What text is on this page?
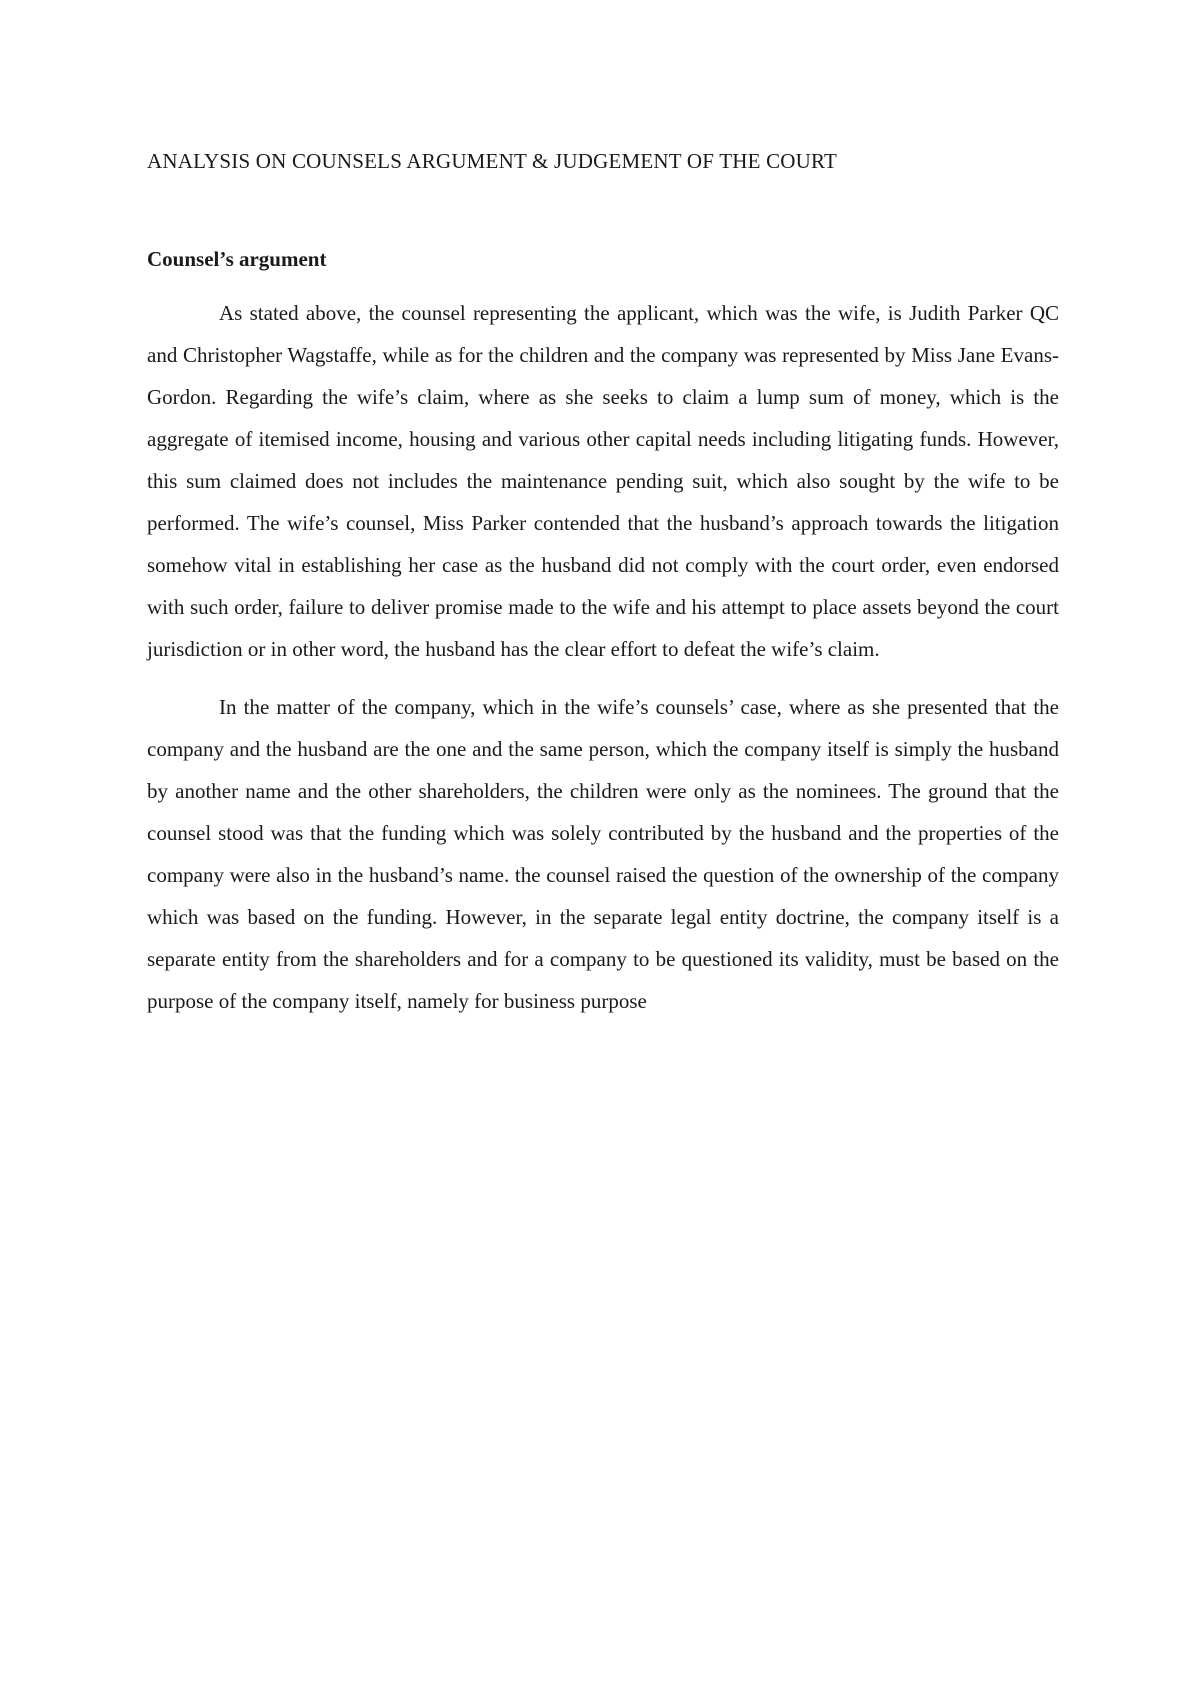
ANALYSIS ON COUNSELS ARGUMENT & JUDGEMENT OF THE COURT
Counsel’s argument

As stated above, the counsel representing the applicant, which was the wife, is Judith Parker QC and Christopher Wagstaffe, while as for the children and the company was represented by Miss Jane Evans-Gordon. Regarding the wife’s claim, where as she seeks to claim a lump sum of money, which is the aggregate of itemised income, housing and various other capital needs including litigating funds. However, this sum claimed does not includes the maintenance pending suit, which also sought by the wife to be performed. The wife’s counsel, Miss Parker contended that the husband’s approach towards the litigation somehow vital in establishing her case as the husband did not comply with the court order, even endorsed with such order, failure to deliver promise made to the wife and his attempt to place assets beyond the court jurisdiction or in other word, the husband has the clear effort to defeat the wife’s claim.

In the matter of the company, which in the wife’s counsels’ case, where as she presented that the company and the husband are the one and the same person, which the company itself is simply the husband by another name and the other shareholders, the children were only as the nominees. The ground that the counsel stood was that the funding which was solely contributed by the husband and the properties of the company were also in the husband’s name. the counsel raised the question of the ownership of the company which was based on the funding. However, in the separate legal entity doctrine, the company itself is a separate entity from the shareholders and for a company to be questioned its validity, must be based on the purpose of the company itself, namely for business purpose
